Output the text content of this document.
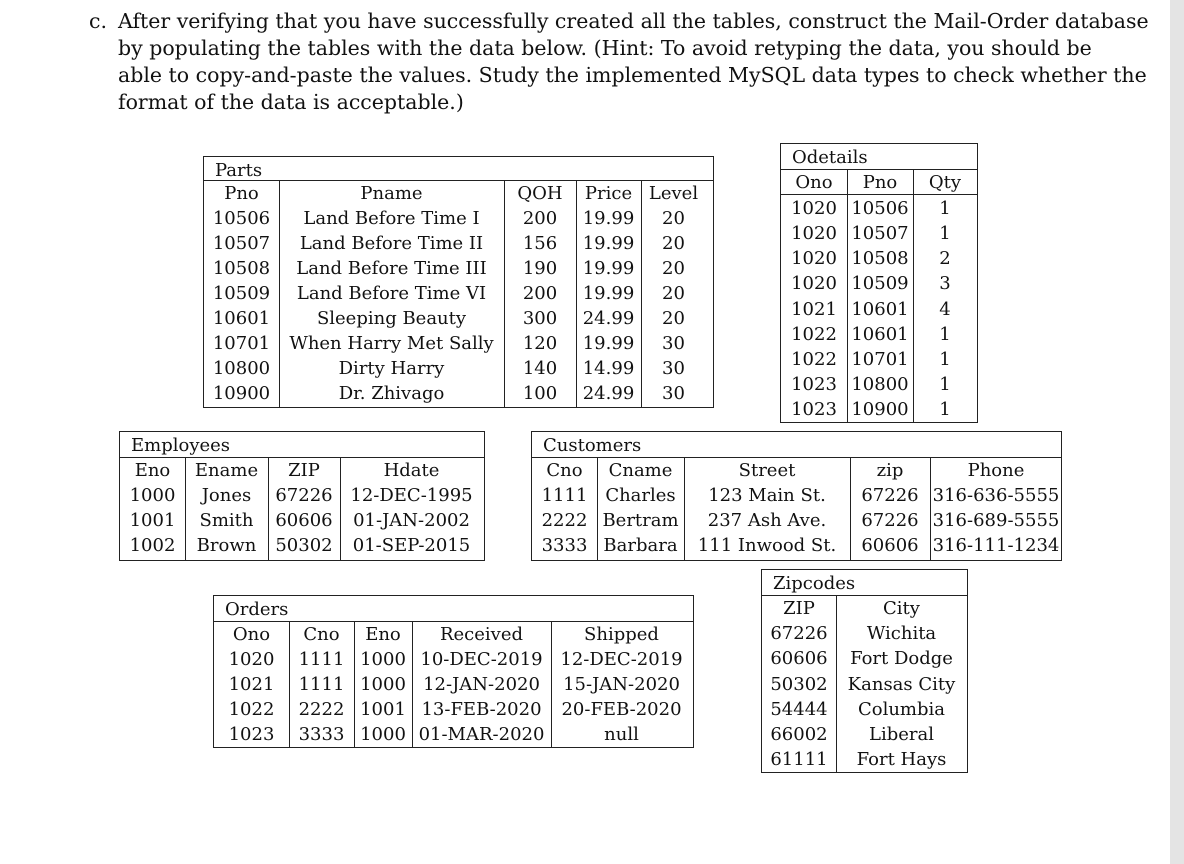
c. After verifying that you have successfully created all the tables, construct the Mail-Order database
by populating the tables with the data below. (Hint: To avoid retyping the data, you should be
able to copy-and-paste the values. Study the implemented MySQL data types to check whether the
format of the data is acceptable.)
Parts
Pno	Pname	QOH	Price Level
10506	Land Before Time I	200	19.99	20
10507	Land Before Time II	156	19.99	20
10508	Land Before Time III	190	19.99	20
10509	Land Before Time VI	200	19.99	20
10601	Sleeping Beauty	300	24.99	20
10701	When Harry Met Sally	120	19.99	30
10800	Dirty Harry	140	14.99	30
10900	Dr. Zhivago	100	24.99	30
Odetails
Ono	Pno	Qty
1020 10506	1
1020 10507	1
1020 10508	2
1020 10509	3
1021 10601	4
1022 10601	1
1022 10701	1
1023 10800	1
1023 10900	1
Employees
Eno	Ename	ZIP	Hdate
1000	Jones	67226 12-DEC-1995
1001	Smith	60606	01-JAN-2002
1002	Brown	50302	01-SEP-2015
Customers
Cno	Cname	Street	zip	Phone
1111 Charles	123 Main St.	67226 316-636-5555
2222 Bertram	237 Ash Ave.	67226 316-689-5555
3333 Barbara	111 Inwood St.	60606 316-111-1234
Zipcodes
ZIP	City
67226	Wichita
60606	Fort Dodge
50302	Kansas City
54444	Columbia
66002	Liberal
61111	Fort Hays
Orders
Ono	Cno	Eno	Received	Shipped
1020	1111 1000 10-DEC-2019 12-DEC-2019
1021	1111 1000 12-JAN-2020	15-JAN-2020
1022	2222 1001 13-FEB-2020	20-FEB-2020
1023	3333 1000 01-MAR-2020	null
